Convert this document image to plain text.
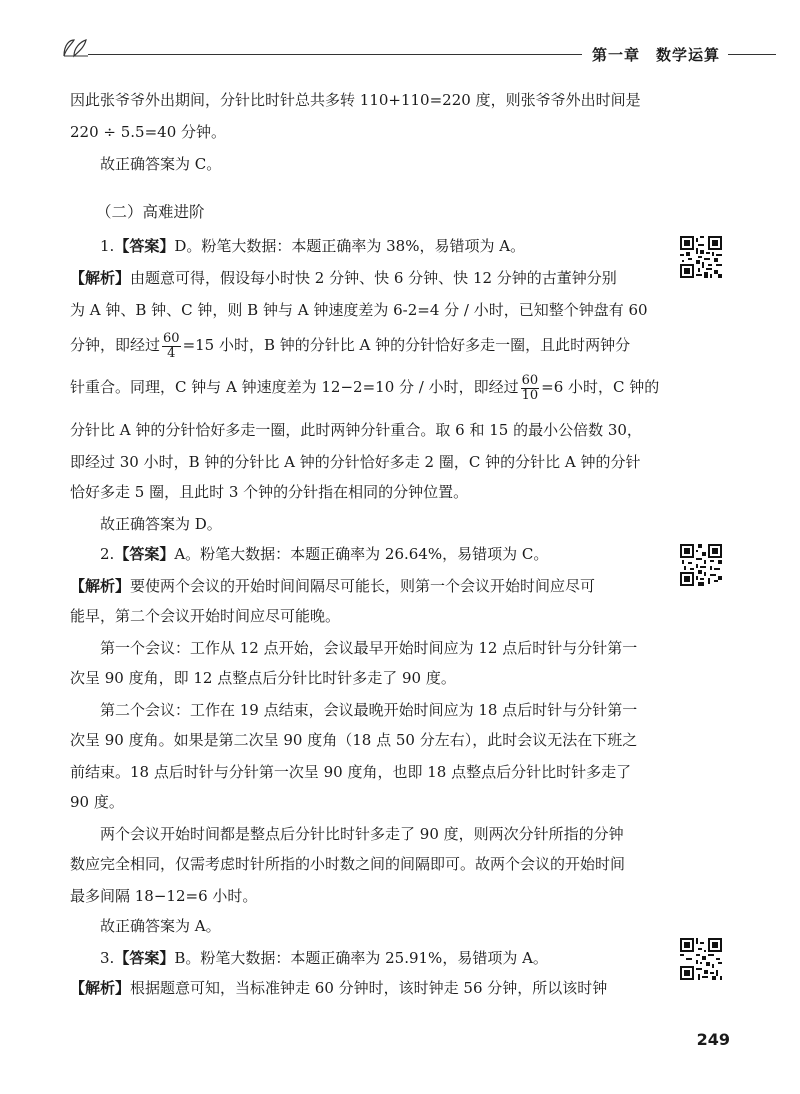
第一章　数学运算
因此张爷爷外出期间，分针比时针总共多转 110+110=220 度，则张爷爷外出时间是
220 ÷ 5.5=40 分钟。
故正确答案为 C。
（二）高难进阶
1.【答案】D。粉笔大数据：本题正确率为 38%，易错项为 A。
【解析】由题意可得，假设每小时快 2 分钟、快 6 分钟、快 12 分钟的古董钟分别
为 A 钟、B 钟、C 钟，则 B 钟与 A 钟速度差为 6-2=4 分 / 小时，已知整个钟盘有 60
分钟，即经过 $\frac{60}{4} =15$ 小时，B 钟的分针比 A 钟的分针恰好多走一圈，且此时两钟分
针重合。同理，C 钟与 A 钟速度差为 12−2=10 分 / 小时，即经过 $\frac{60}{10} =6$ 小时，C 钟的
分针比 A 钟的分针恰好多走一圈，此时两钟分针重合。取 6 和 15 的最小公倍数 30，
即经过 30 小时，B 钟的分针比 A 钟的分针恰好多走 2 圈，C 钟的分针比 A 钟的分针
恰好多走 5 圈，且此时 3 个钟的分针指在相同的分钟位置。
故正确答案为 D。
2.【答案】A。粉笔大数据：本题正确率为 26.64%，易错项为 C。
【解析】要使两个会议的开始时间间隔尽可能长，则第一个会议开始时间应尽可
能早，第二个会议开始时间应尽可能晚。
第一个会议：工作从 12 点开始，会议最早开始时间应为 12 点后时针与分针第一
次呈 90 度角，即 12 点整点后分针比时针多走了 90 度。
第二个会议：工作在 19 点结束，会议最晚开始时间应为 18 点后时针与分针第一
次呈 90 度角。如果是第二次呈 90 度角（18 点 50 分左右），此时会议无法在下班之
前结束。18 点后时针与分针第一次呈 90 度角，也即 18 点整点后分针比时针多走了
90 度。
两个会议开始时间都是整点后分针比时针多走了 90 度，则两次分针所指的分钟
数应完全相同，仅需考虑时针所指的小时数之间的间隔即可。故两个会议的开始时间
最多间隔 18−12=6 小时。
故正确答案为 A。
3.【答案】B。粉笔大数据：本题正确率为 25.91%，易错项为 A。
【解析】根据题意可知，当标准钟走 60 分钟时，该时钟走 56 分钟，所以该时钟
249
